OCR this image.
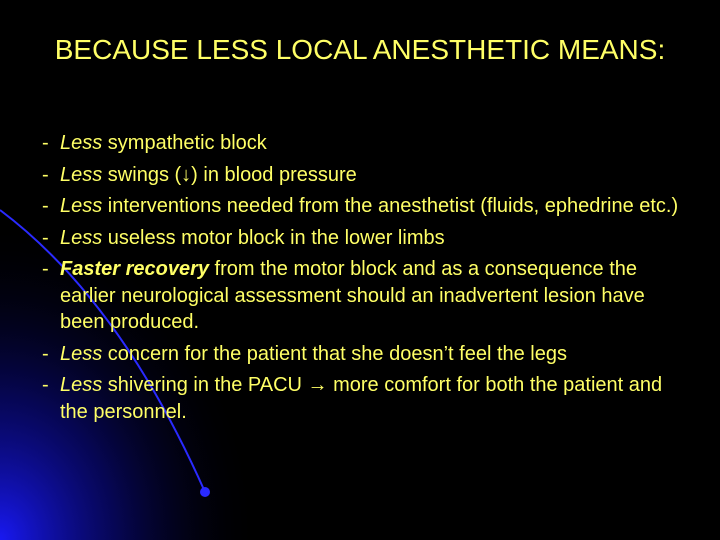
BECAUSE LESS LOCAL ANESTHETIC MEANS:
- Less sympathetic block
- Less swings (↓) in blood pressure
- Less interventions needed from the anesthetist (fluids, ephedrine etc.)
- Less useless motor block in the lower limbs
- Faster recovery from the motor block and as a consequence the earlier neurological assessment should an inadvertent lesion have been produced.
- Less concern for the patient that she doesn’t feel the legs
- Less shivering in the PACU → more comfort for both the patient and the personnel.
